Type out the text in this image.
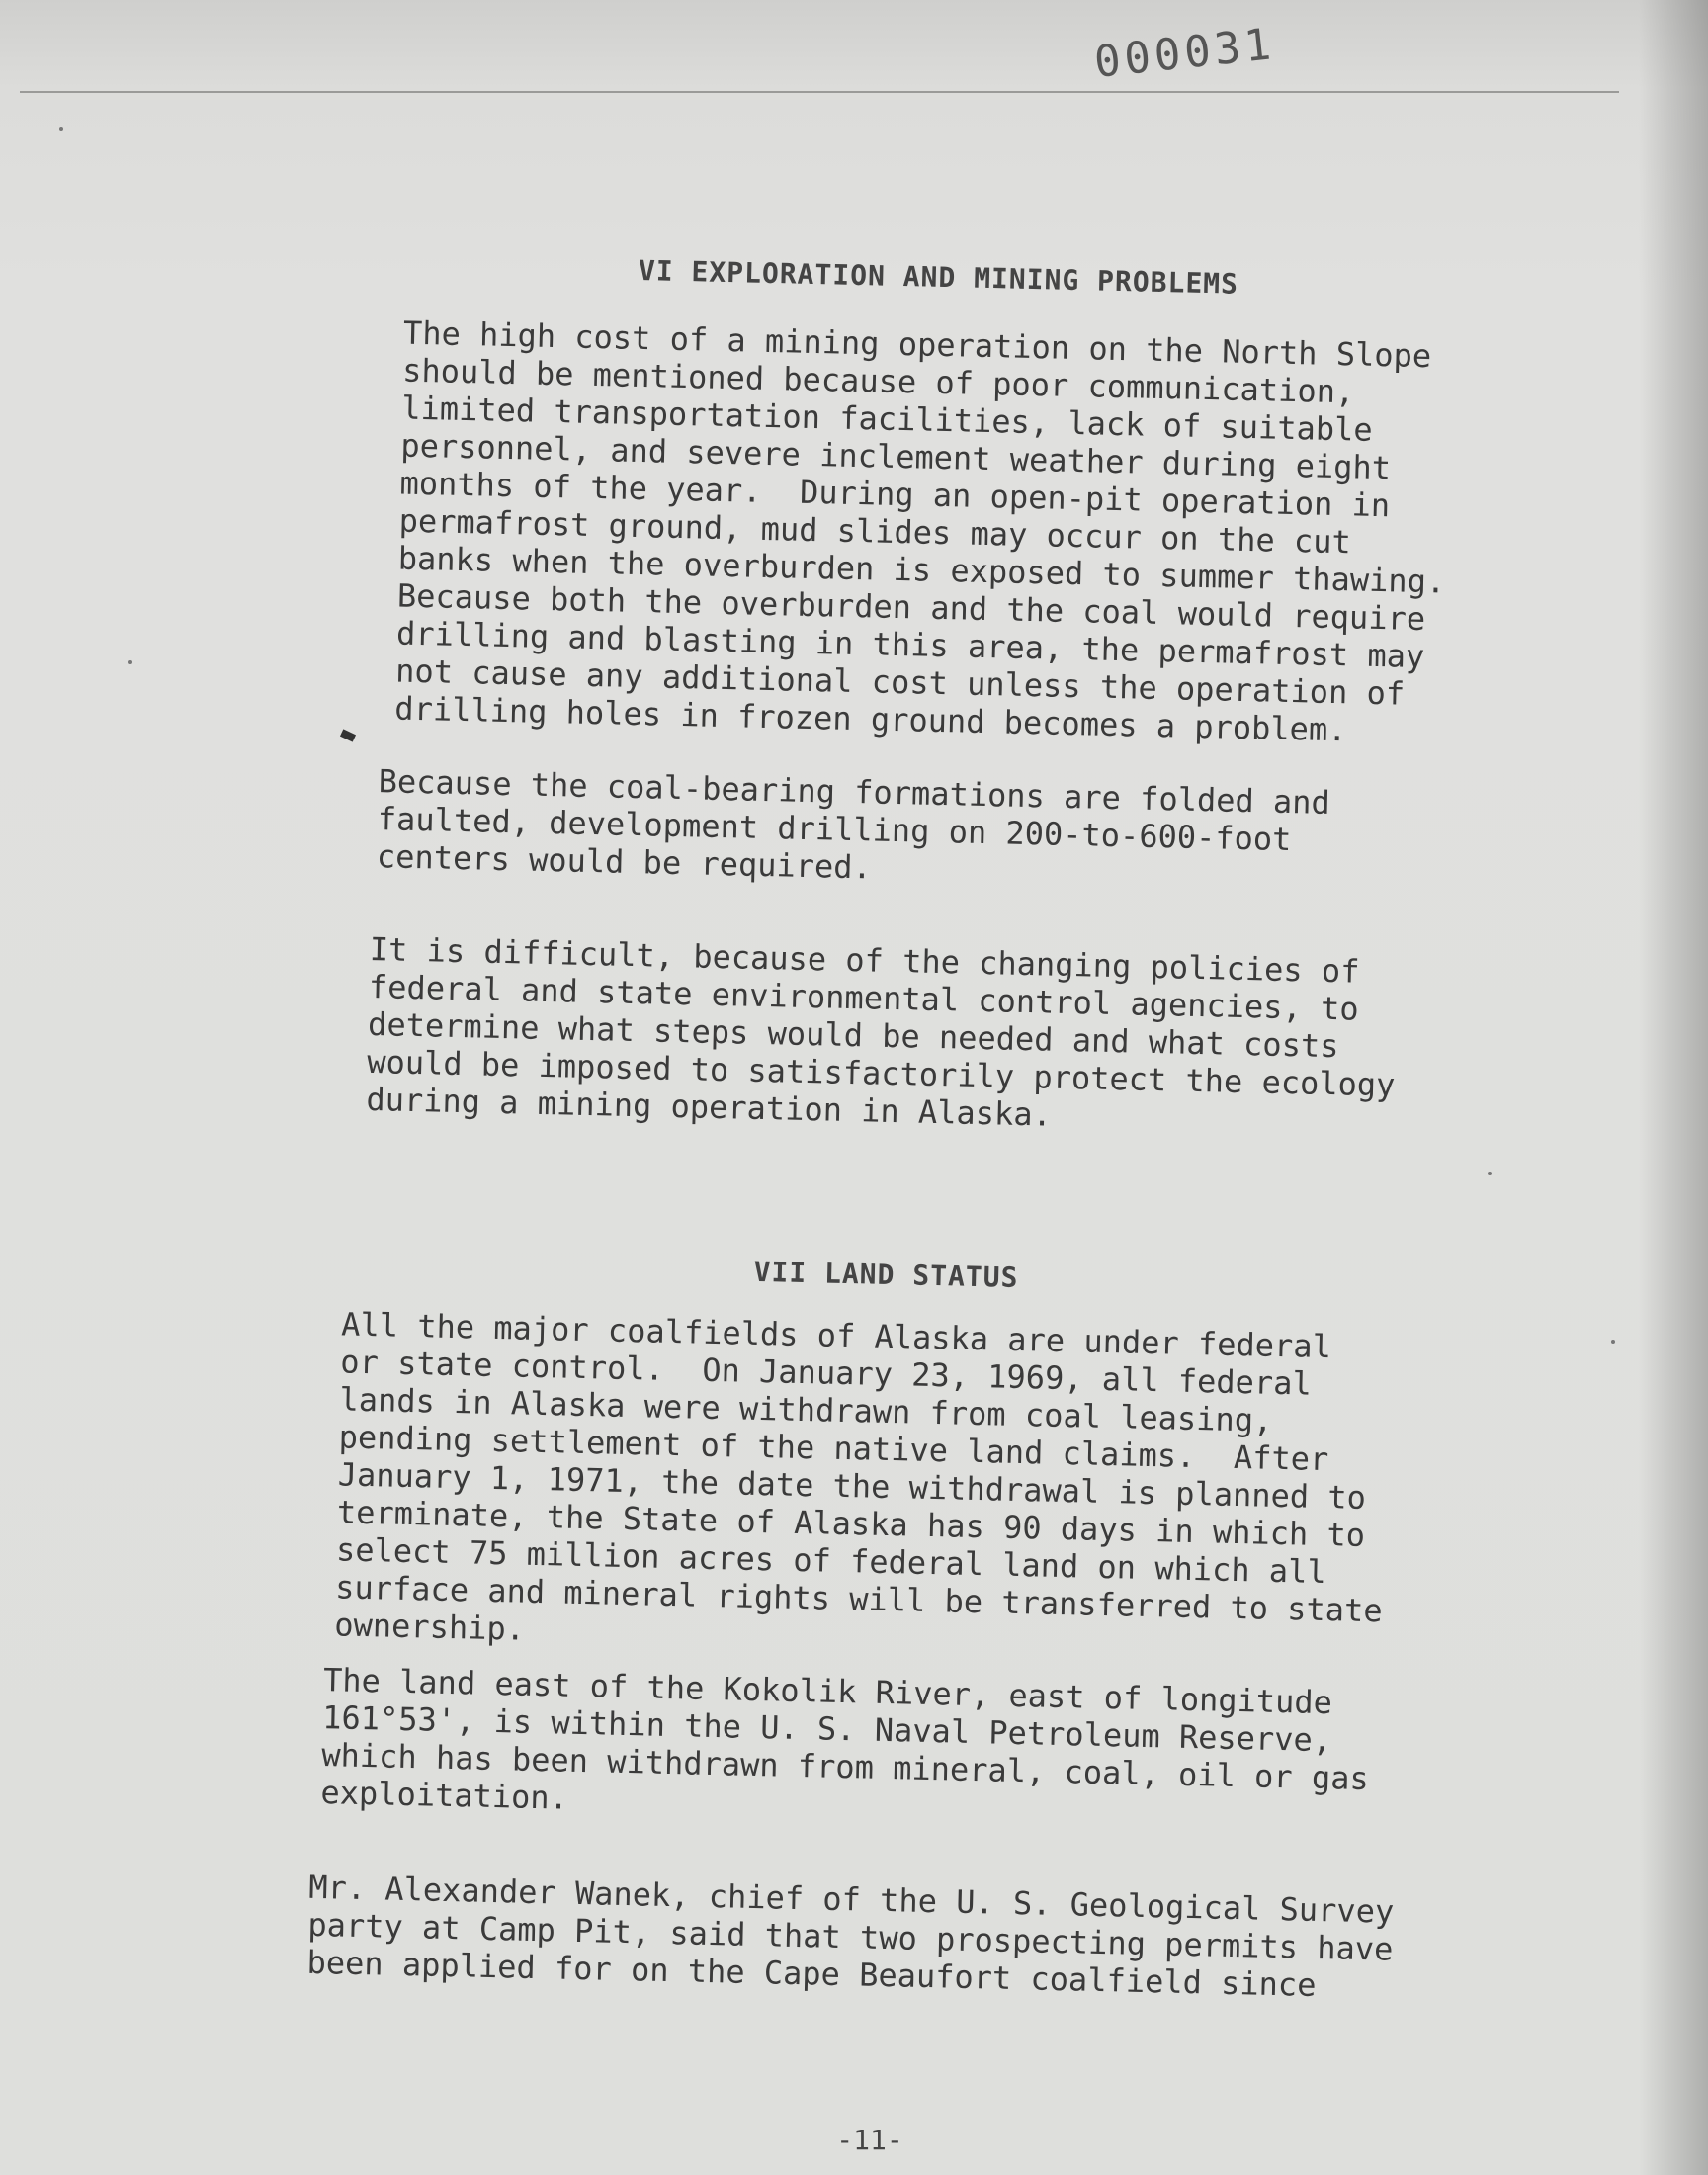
000031
VI EXPLORATION AND MINING PROBLEMS

The high cost of a mining operation on the North Slope
should be mentioned because of poor communication,
limited transportation facilities, lack of suitable
personnel, and severe inclement weather during eight
months of the year.  During an open-pit operation in
permafrost ground, mud slides may occur on the cut
banks when the overburden is exposed to summer thawing.
Because both the overburden and the coal would require
drilling and blasting in this area, the permafrost may
not cause any additional cost unless the operation of
drilling holes in frozen ground becomes a problem.

Because the coal-bearing formations are folded and
faulted, development drilling on 200-to-600-foot
centers would be required.

It is difficult, because of the changing policies of
federal and state environmental control agencies, to
determine what steps would be needed and what costs
would be imposed to satisfactorily protect the ecology
during a mining operation in Alaska.

VII LAND STATUS

All the major coalfields of Alaska are under federal
or state control.  On January 23, 1969, all federal
lands in Alaska were withdrawn from coal leasing,
pending settlement of the native land claims.  After
January 1, 1971, the date the withdrawal is planned to
terminate, the State of Alaska has 90 days in which to
select 75 million acres of federal land on which all
surface and mineral rights will be transferred to state
ownership.

The land east of the Kokolik River, east of longitude
161°53', is within the U. S. Naval Petroleum Reserve,
which has been withdrawn from mineral, coal, oil or gas
exploitation.

Mr. Alexander Wanek, chief of the U. S. Geological Survey
party at Camp Pit, said that two prospecting permits have
been applied for on the Cape Beaufort coalfield since

-11-
